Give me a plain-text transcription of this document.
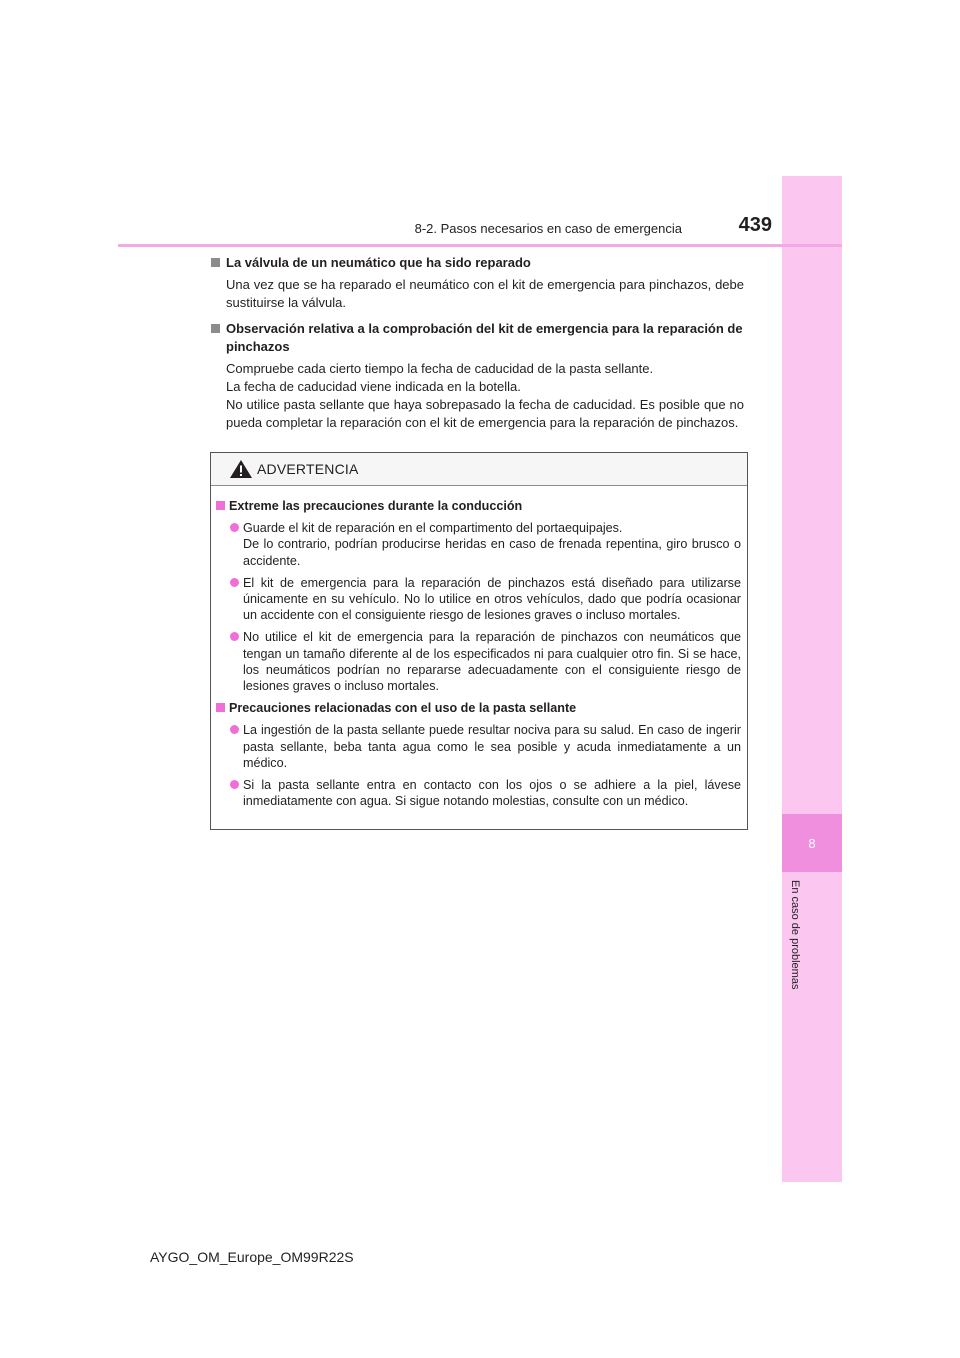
8
En caso de problemas
8-2. Pasos necesarios en caso de emergencia	439

La válvula de un neumático que ha sido reparado

Una vez que se ha reparado el neumático con el kit de emergencia para pinchazos, debe sustituirse la válvula.

Observación relativa a la comprobación del kit de emergencia para la reparación de pinchazos

Compruebe cada cierto tiempo la fecha de caducidad de la pasta sellante.

La fecha de caducidad viene indicada en la botella.

No utilice pasta sellante que haya sobrepasado la fecha de caducidad. Es posible que no pueda completar la reparación con el kit de emergencia para la reparación de pinchazos.

ADVERTENCIA

Extreme las precauciones durante la conducción

Guarde el kit de reparación en el compartimento del portaequipajes.
De lo contrario, podrían producirse heridas en caso de frenada repentina, giro brusco o accidente.
El kit de emergencia para la reparación de pinchazos está diseñado para utilizarse únicamente en su vehículo. No lo utilice en otros vehículos, dado que podría ocasionar un accidente con el consiguiente riesgo de lesiones graves o incluso mortales.
No utilice el kit de emergencia para la reparación de pinchazos con neumáticos que tengan un tamaño diferente al de los especificados ni para cualquier otro fin. Si se hace, los neumáticos podrían no repararse adecuadamente con el consiguiente riesgo de lesiones graves o incluso mortales.

Precauciones relacionadas con el uso de la pasta sellante

La ingestión de la pasta sellante puede resultar nociva para su salud. En caso de ingerir pasta sellante, beba tanta agua como le sea posible y acuda inmediatamente a un médico.
Si la pasta sellante entra en contacto con los ojos o se adhiere a la piel, lávese inmediatamente con agua. Si sigue notando molestias, consulte con un médico.
AYGO_OM_Europe_OM99R22S
